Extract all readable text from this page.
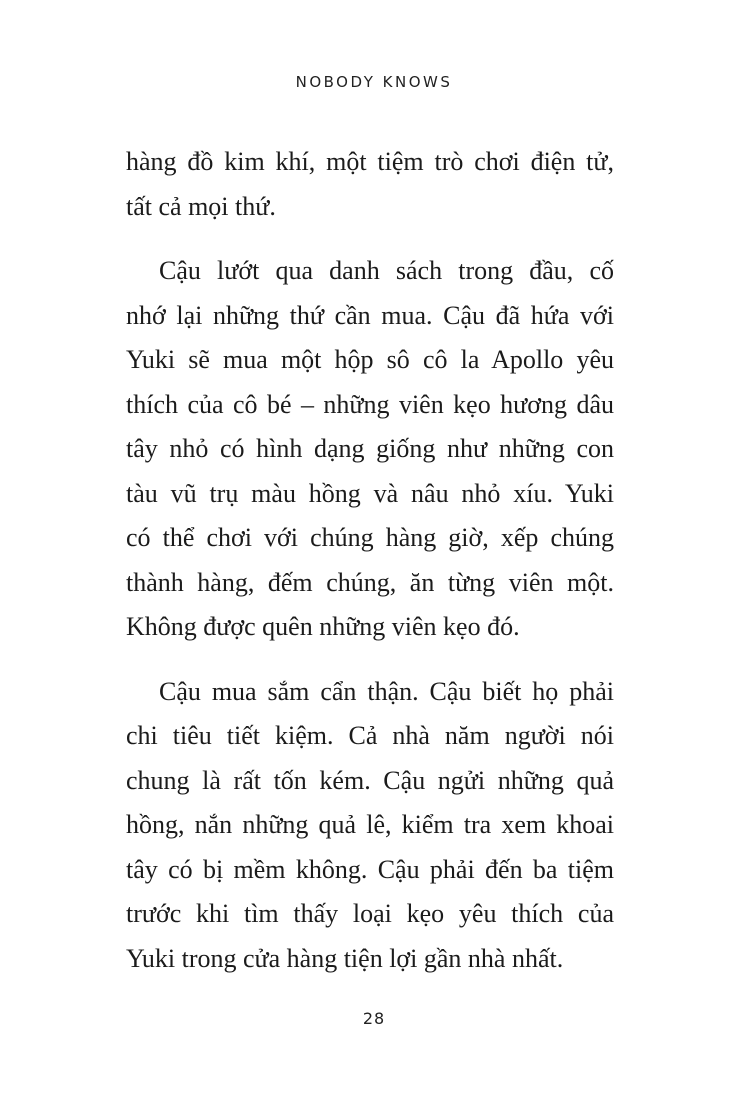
NOBODY KNOWS

hàng đồ kim khí, một tiệm trò chơi điện tử,
tất cả mọi thứ.

Cậu lướt qua danh sách trong đầu, cố
nhớ lại những thứ cần mua. Cậu đã hứa với
Yuki sẽ mua một hộp sô cô la Apollo yêu
thích của cô bé – những viên kẹo hương dâu
tây nhỏ có hình dạng giống như những con
tàu vũ trụ màu hồng và nâu nhỏ xíu. Yuki
có thể chơi với chúng hàng giờ, xếp chúng
thành hàng, đếm chúng, ăn từng viên một.
Không được quên những viên kẹo đó.

Cậu mua sắm cẩn thận. Cậu biết họ phải
chi tiêu tiết kiệm. Cả nhà năm người nói
chung là rất tốn kém. Cậu ngửi những quả
hồng, nắn những quả lê, kiểm tra xem khoai
tây có bị mềm không. Cậu phải đến ba tiệm
trước khi tìm thấy loại kẹo yêu thích của
Yuki trong cửa hàng tiện lợi gần nhà nhất.

28
